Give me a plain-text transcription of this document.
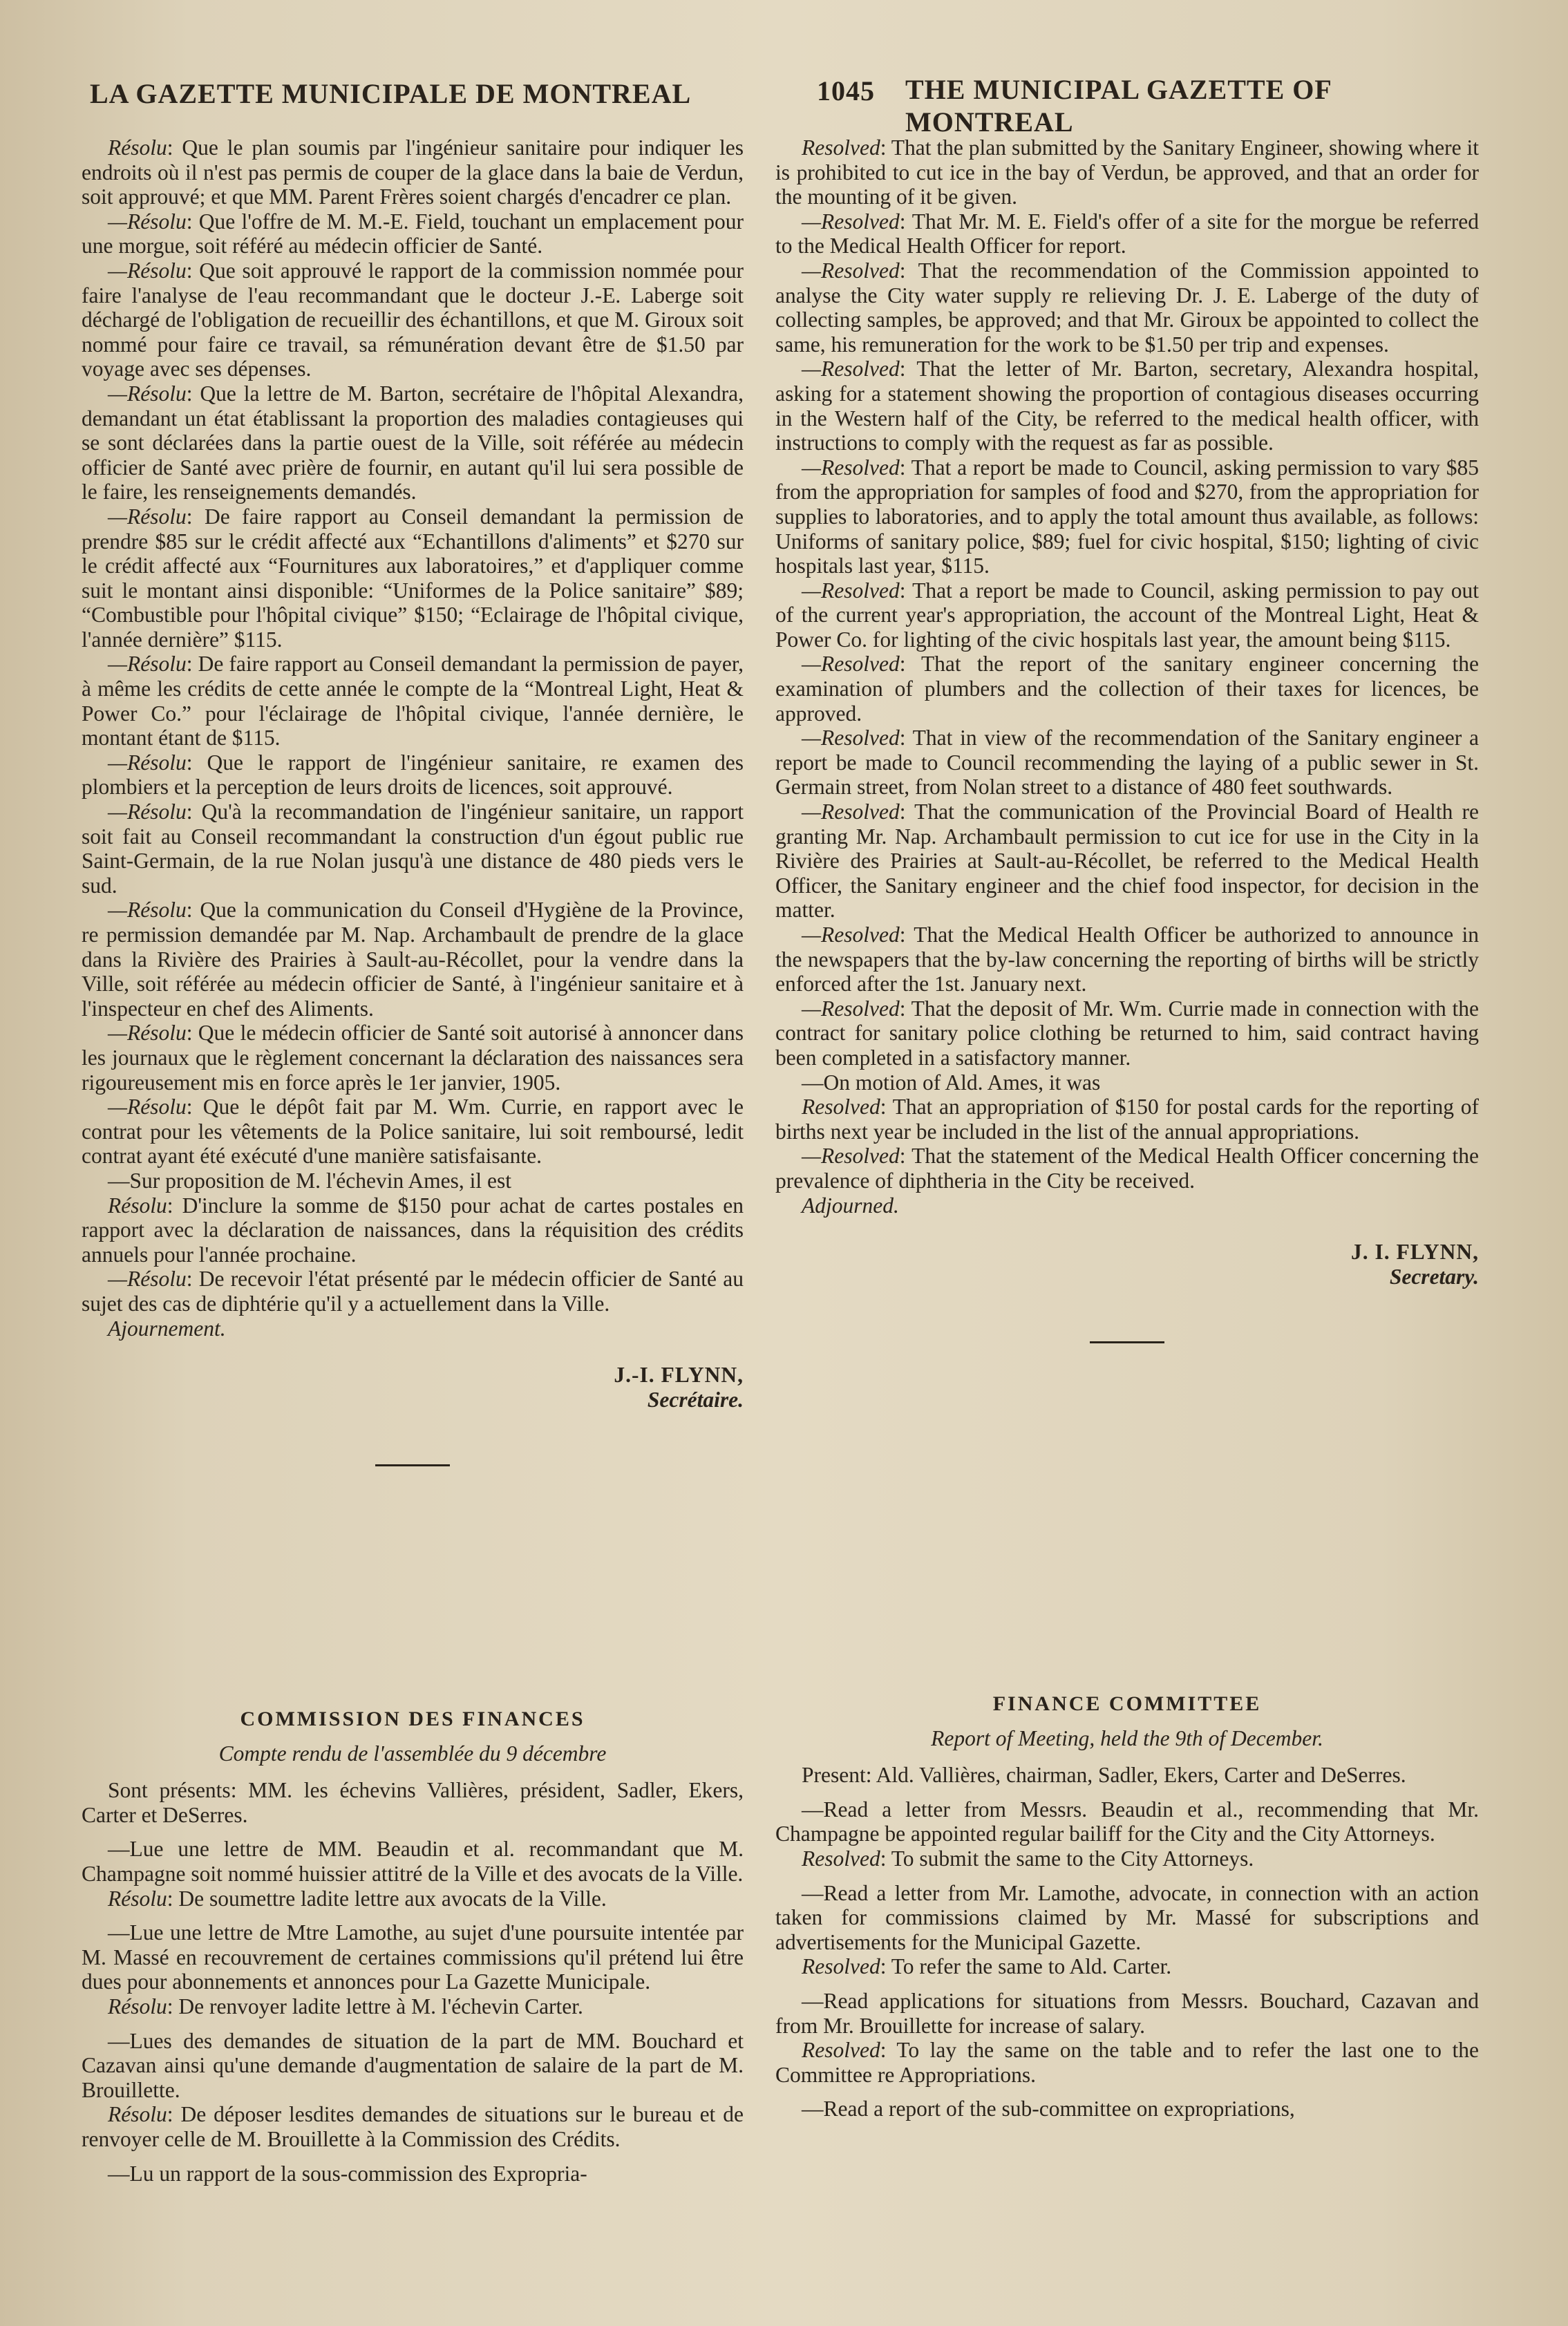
LA GAZETTE MUNICIPALE DE MONTREAL	1045 THE MUNICIPAL GAZETTE OF MONTREAL

Résolu: Que le plan soumis par l'ingénieur sanitaire pour indiquer les endroits où il n'est pas permis de couper de la glace dans la baie de Verdun, soit approuvé; et que MM. Parent Frères soient chargés d'encadrer ce plan.

—Résolu: Que l'offre de M. M.-E. Field, touchant un emplacement pour une morgue, soit référé au médecin officier de Santé.

—Résolu: Que soit approuvé le rapport de la commission nommée pour faire l'analyse de l'eau recommandant que le docteur J.-E. Laberge soit déchargé de l'obligation de recueillir des échantillons, et que M. Giroux soit nommé pour faire ce travail, sa rémunération devant être de $1.50 par voyage avec ses dépenses.

—Résolu: Que la lettre de M. Barton, secrétaire de l'hôpital Alexandra, demandant un état établissant la proportion des maladies contagieuses qui se sont déclarées dans la partie ouest de la Ville, soit référée au médecin officier de Santé avec prière de fournir, en autant qu'il lui sera possible de le faire, les renseignements demandés.

—Résolu: De faire rapport au Conseil demandant la permission de prendre $85 sur le crédit affecté aux “Echantillons d'aliments” et $270 sur le crédit affecté aux “Fournitures aux laboratoires,” et d'appliquer comme suit le montant ainsi disponible: “Uniformes de la Police sanitaire” $89; “Combustible pour l'hôpital civique” $150; “Eclairage de l'hôpital civique, l'année dernière” $115.

—Résolu: De faire rapport au Conseil demandant la permission de payer, à même les crédits de cette année le compte de la “Montreal Light, Heat & Power Co.” pour l'éclairage de l'hôpital civique, l'année dernière, le montant étant de $115.

—Résolu: Que le rapport de l'ingénieur sanitaire, re examen des plombiers et la perception de leurs droits de licences, soit approuvé.

—Résolu: Qu'à la recommandation de l'ingénieur sanitaire, un rapport soit fait au Conseil recommandant la construction d'un égout public rue Saint-Germain, de la rue Nolan jusqu'à une distance de 480 pieds vers le sud.

—Résolu: Que la communication du Conseil d'Hygiène de la Province, re permission demandée par M. Nap. Archambault de prendre de la glace dans la Rivière des Prairies à Sault-au-Récollet, pour la vendre dans la Ville, soit référée au médecin officier de Santé, à l'ingénieur sanitaire et à l'inspecteur en chef des Aliments.

—Résolu: Que le médecin officier de Santé soit autorisé à annoncer dans les journaux que le règlement concernant la déclaration des naissances sera rigoureusement mis en force après le 1er janvier, 1905.

—Résolu: Que le dépôt fait par M. Wm. Currie, en rapport avec le contrat pour les vêtements de la Police sanitaire, lui soit remboursé, ledit contrat ayant été exécuté d'une manière satisfaisante.

—Sur proposition de M. l'échevin Ames, il est

Résolu: D'inclure la somme de $150 pour achat de cartes postales en rapport avec la déclaration de naissances, dans la réquisition des crédits annuels pour l'année prochaine.

—Résolu: De recevoir l'état présenté par le médecin officier de Santé au sujet des cas de diphtérie qu'il y a actuellement dans la Ville.

Ajournement.

J.-I. FLYNN,
Secrétaire.

Resolved: That the plan submitted by the Sanitary Engineer, showing where it is prohibited to cut ice in the bay of Verdun, be approved, and that an order for the mounting of it be given.

—Resolved: That Mr. M. E. Field's offer of a site for the morgue be referred to the Medical Health Officer for report.

—Resolved: That the recommendation of the Commission appointed to analyse the City water supply re relieving Dr. J. E. Laberge of the duty of collecting samples, be approved; and that Mr. Giroux be appointed to collect the same, his remuneration for the work to be $1.50 per trip and expenses.

—Resolved: That the letter of Mr. Barton, secretary, Alexandra hospital, asking for a statement showing the proportion of contagious diseases occurring in the Western half of the City, be referred to the medical health officer, with instructions to comply with the request as far as possible.

—Resolved: That a report be made to Council, asking permission to vary $85 from the appropriation for samples of food and $270, from the appropriation for supplies to laboratories, and to apply the total amount thus available, as follows: Uniforms of sanitary police, $89; fuel for civic hospital, $150; lighting of civic hospitals last year, $115.

—Resolved: That a report be made to Council, asking permission to pay out of the current year's appropriation, the account of the Montreal Light, Heat & Power Co. for lighting of the civic hospitals last year, the amount being $115.

—Resolved: That the report of the sanitary engineer concerning the examination of plumbers and the collection of their taxes for licences, be approved.

—Resolved: That in view of the recommendation of the Sanitary engineer a report be made to Council recommending the laying of a public sewer in St. Germain street, from Nolan street to a distance of 480 feet southwards.

—Resolved: That the communication of the Provincial Board of Health re granting Mr. Nap. Archambault permission to cut ice for use in the City in la Rivière des Prairies at Sault-au-Récollet, be referred to the Medical Health Officer, the Sanitary engineer and the chief food inspector, for decision in the matter.

—Resolved: That the Medical Health Officer be authorized to announce in the newspapers that the by-law concerning the reporting of births will be strictly enforced after the 1st. January next.

—Resolved: That the deposit of Mr. Wm. Currie made in connection with the contract for sanitary police clothing be returned to him, said contract having been completed in a satisfactory manner.

—On motion of Ald. Ames, it was

Resolved: That an appropriation of $150 for postal cards for the reporting of births next year be included in the list of the annual appropriations.

—Resolved: That the statement of the Medical Health Officer concerning the prevalence of diphtheria in the City be received.

Adjourned.

J. I. FLYNN,
Secretary.
COMMISSION DES FINANCES
Compte rendu de l'assemblée du 9 décembre

Sont présents: MM. les échevins Vallières, président, Sadler, Ekers, Carter et DeSerres.

—Lue une lettre de MM. Beaudin et al. recommandant que M. Champagne soit nommé huissier attitré de la Ville et des avocats de la Ville.

Résolu: De soumettre ladite lettre aux avocats de la Ville.

—Lue une lettre de Mtre Lamothe, au sujet d'une poursuite intentée par M. Massé en recouvrement de certaines commissions qu'il prétend lui être dues pour abonnements et annonces pour La Gazette Municipale.

Résolu: De renvoyer ladite lettre à M. l'échevin Carter.

—Lues des demandes de situation de la part de MM. Bouchard et Cazavan ainsi qu'une demande d'augmentation de salaire de la part de M. Brouillette.

Résolu: De déposer lesdites demandes de situations sur le bureau et de renvoyer celle de M. Brouillette à la Commission des Crédits.

—Lu un rapport de la sous-commission des Expropria-

FINANCE COMMITTEE
Report of Meeting, held the 9th of December.

Present: Ald. Vallières, chairman, Sadler, Ekers, Carter and DeSerres.

—Read a letter from Messrs. Beaudin et al., recommending that Mr. Champagne be appointed regular bailiff for the City and the City Attorneys.

Resolved: To submit the same to the City Attorneys.

—Read a letter from Mr. Lamothe, advocate, in connection with an action taken for commissions claimed by Mr. Massé for subscriptions and advertisements for the Municipal Gazette.

Resolved: To refer the same to Ald. Carter.

—Read applications for situations from Messrs. Bouchard, Cazavan and from Mr. Brouillette for increase of salary.

Resolved: To lay the same on the table and to refer the last one to the Committee re Appropriations.

—Read a report of the sub-committee on expropriations,
